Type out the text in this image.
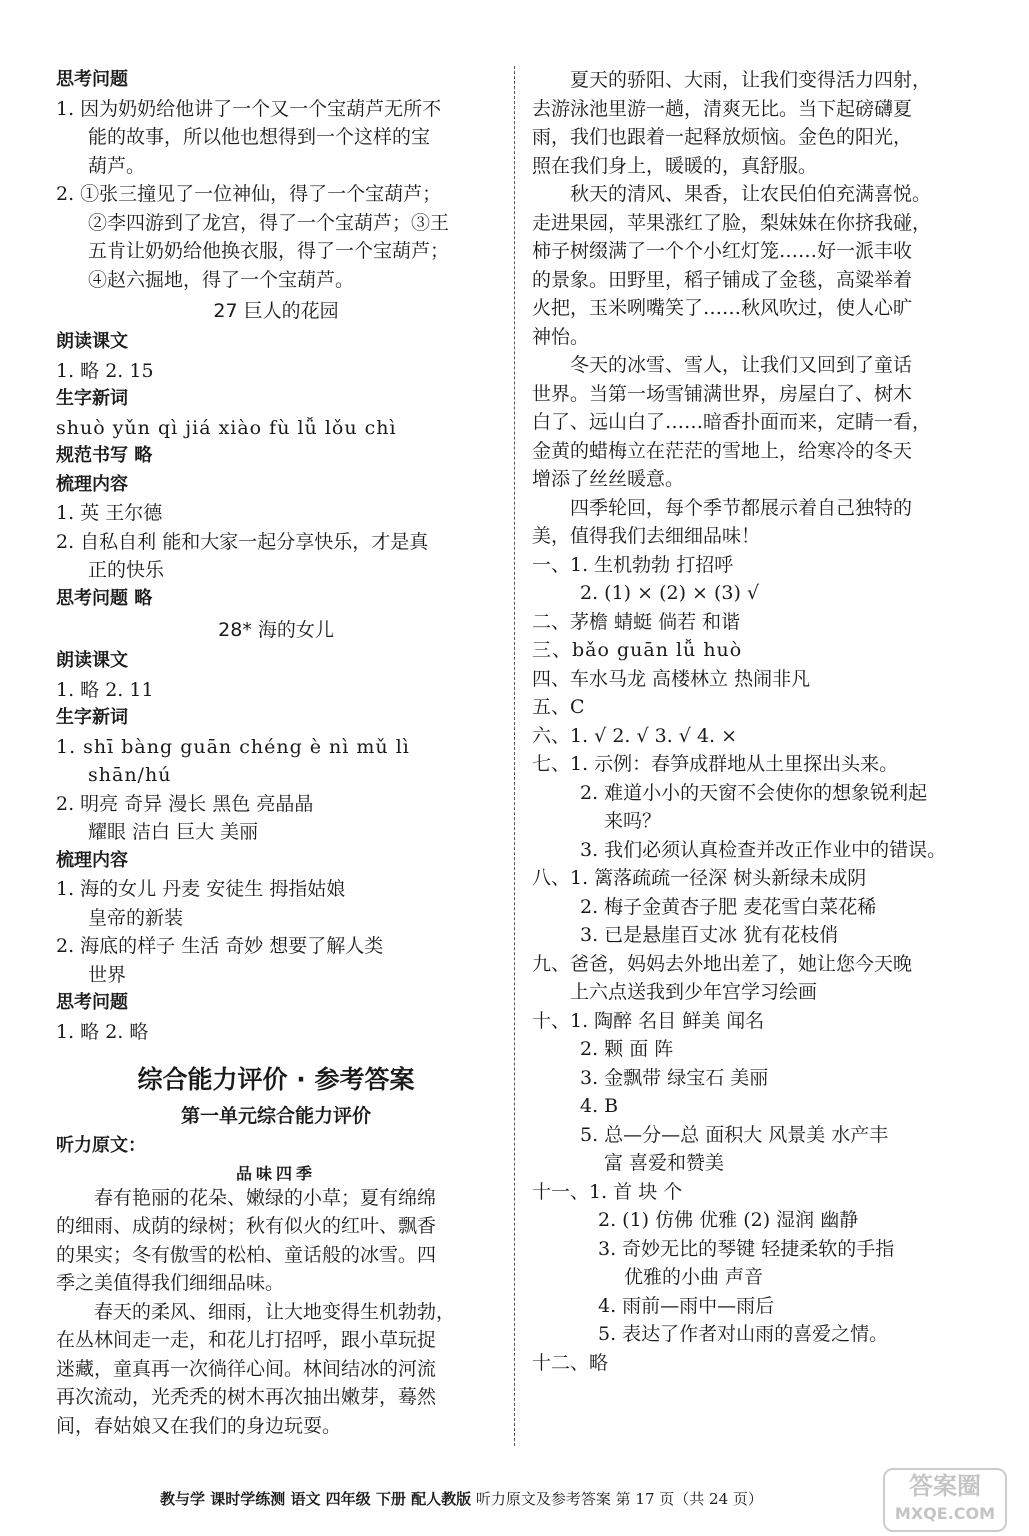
思考问题
1. 因为奶奶给他讲了一个又一个宝葫芦无所不
能的故事，所以他也想得到一个这样的宝
葫芦。
2. ①张三撞见了一位神仙，得了一个宝葫芦；
②李四游到了龙宫，得了一个宝葫芦；③王
五肯让奶奶给他换衣服，得了一个宝葫芦；
④赵六掘地，得了一个宝葫芦。
27 巨人的花园
朗读课文
1. 略 2. 15
生字新词
shuò yǔn qì jiá xiào fù lǚ lǒu chì
规范书写 略
梳理内容
1. 英 王尔德
2. 自私自利 能和大家一起分享快乐，才是真
正的快乐
思考问题 略
28* 海的女儿
朗读课文
1. 略 2. 11
生字新词
1. shī bàng guān chéng è nì mǔ lì
shān/hú
2. 明亮 奇异 漫长 黑色 亮晶晶
耀眼 洁白 巨大 美丽
梳理内容
1. 海的女儿 丹麦 安徒生 拇指姑娘
皇帝的新装
2. 海底的样子 生活 奇妙 想要了解人类
世界
思考问题
1. 略 2. 略
综合能力评价 · 参考答案
第一单元综合能力评价
听力原文：
品味四季
春有艳丽的花朵、嫩绿的小草；夏有绵绵
的细雨、成荫的绿树；秋有似火的红叶、飘香
的果实；冬有傲雪的松柏、童话般的冰雪。四
季之美值得我们细细品味。
春天的柔风、细雨，让大地变得生机勃勃，
在丛林间走一走，和花儿打招呼，跟小草玩捉
迷藏，童真再一次徜徉心间。林间结冰的河流
再次流动，光秃秃的树木再次抽出嫩芽，蓦然
间，春姑娘又在我们的身边玩耍。
夏天的骄阳、大雨，让我们变得活力四射，
去游泳池里游一趟，清爽无比。当下起磅礴夏
雨，我们也跟着一起释放烦恼。金色的阳光，
照在我们身上，暖暖的，真舒服。
秋天的清风、果香，让农民伯伯充满喜悦。
走进果园，苹果涨红了脸，梨妹妹在你挤我碰，
柿子树缀满了一个个小红灯笼……好一派丰收
的景象。田野里，稻子铺成了金毯，高粱举着
火把，玉米咧嘴笑了……秋风吹过，使人心旷
神怡。
冬天的冰雪、雪人，让我们又回到了童话
世界。当第一场雪铺满世界，房屋白了、树木
白了、远山白了……暗香扑面而来，定睛一看，
金黄的蜡梅立在茫茫的雪地上，给寒冷的冬天
增添了丝丝暖意。
四季轮回，每个季节都展示着自己独特的
美，值得我们去细细品味！
一、1. 生机勃勃 打招呼
2. (1) × (2) × (3) √
二、茅檐 蜻蜓 倘若 和谐
三、bǎo guān lǚ huò
四、车水马龙 高楼林立 热闹非凡
五、C
六、1. √ 2. √ 3. √ 4. ×
七、1. 示例：春笋成群地从土里探出头来。
2. 难道小小的天窗不会使你的想象锐利起
来吗？
3. 我们必须认真检查并改正作业中的错误。
八、1. 篱落疏疏一径深 树头新绿未成阴
2. 梅子金黄杏子肥 麦花雪白菜花稀
3. 已是悬崖百丈冰 犹有花枝俏
九、爸爸，妈妈去外地出差了，她让您今天晚
上六点送我到少年宫学习绘画
十、1. 陶醉 名目 鲜美 闻名
2. 颗 面 阵
3. 金飘带 绿宝石 美丽
4. B
5. 总—分—总 面积大 风景美 水产丰
富 喜爱和赞美
十一、1. 首 块 个
2. (1) 仿佛 优雅 (2) 湿润 幽静
3. 奇妙无比的琴键 轻捷柔软的手指
优雅的小曲 声音
4. 雨前—雨中—雨后
5. 表达了作者对山雨的喜爱之情。
十二、略
教与学 课时学练测 语文 四年级 下册 配人教版 听力原文及参考答案 第 17 页（共 24 页）	答案圈
MXQE.COM
